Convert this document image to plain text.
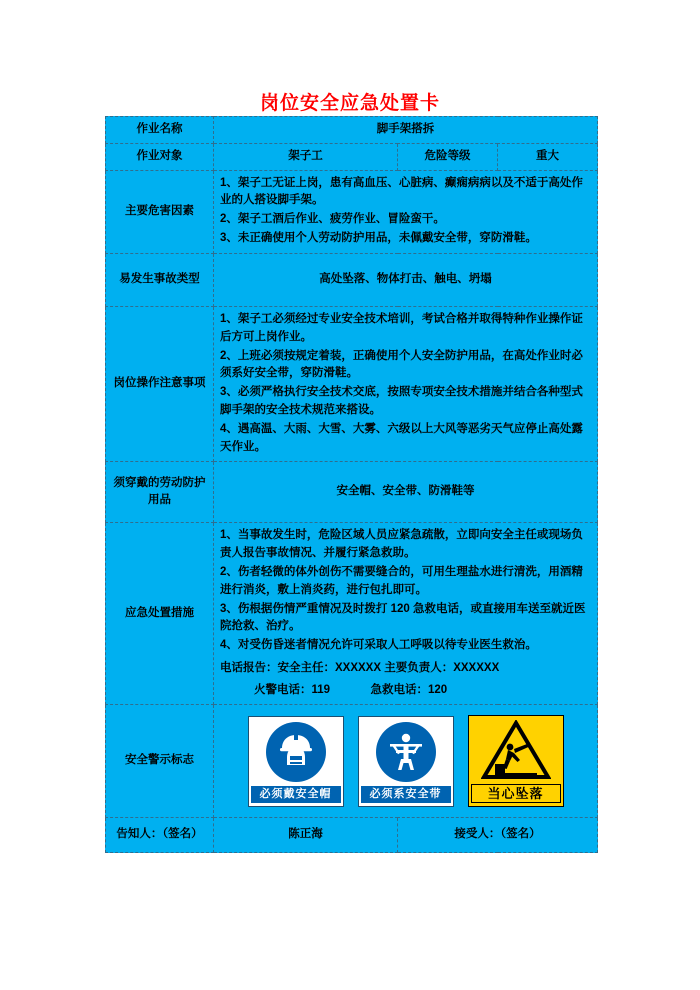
岗位安全应急处置卡
作业名称	脚手架搭拆		
作业对象	架子工	危险等级	重大
主要危害因素	1、架子工无证上岗，患有高血压、心脏病、癫痫病病以及不适于高处作业的人搭设脚手架。

2、架子工酒后作业、疲劳作业、冒险蛮干。

3、未正确使用个人劳动防护用品，未佩戴安全带，穿防滑鞋。		

易发生事故类型	高处坠落、物体打击、触电、坍塌		
岗位操作注意事项	1、架子工必须经过专业安全技术培训，考试合格并取得特种作业操作证后方可上岗作业。

2、上班必须按规定着装，正确使用个人安全防护用品，在高处作业时必须系好安全带，穿防滑鞋。

3、必须严格执行安全技术交底，按照专项安全技术措施并结合各种型式脚手架的安全技术规范来搭设。

4、遇高温、大雨、大雪、大雾、六级以上大风等恶劣天气应停止高处露天作业。		

须穿戴的劳动防护用品	安全帽、安全带、防滑鞋等		
应急处置措施	

1、当事故发生时，危险区域人员应紧急疏散，立即向安全主任或现场负责人报告事故情况、并履行紧急救助。

2、伤者轻微的体外创伤不需要缝合的，可用生理盐水进行清洗，用酒精进行消炎，敷上消炎药，进行包扎即可。

3、伤根据伤情严重情况及时拨打 120 急救电话，或直接用车送至就近医院抢救、治疗。

4、对受伤昏迷者情况允许可采取人工呼吸以待专业医生救治。

电话报告：安全主任：XXXXXX 主要负责人：XXXXXX

火警电话：119	急救电话：120

安全警示标志	必须戴安全帽 必须系安全带 当心坠落		

告知人：（签名）	陈正海	接受人：（签名）	
